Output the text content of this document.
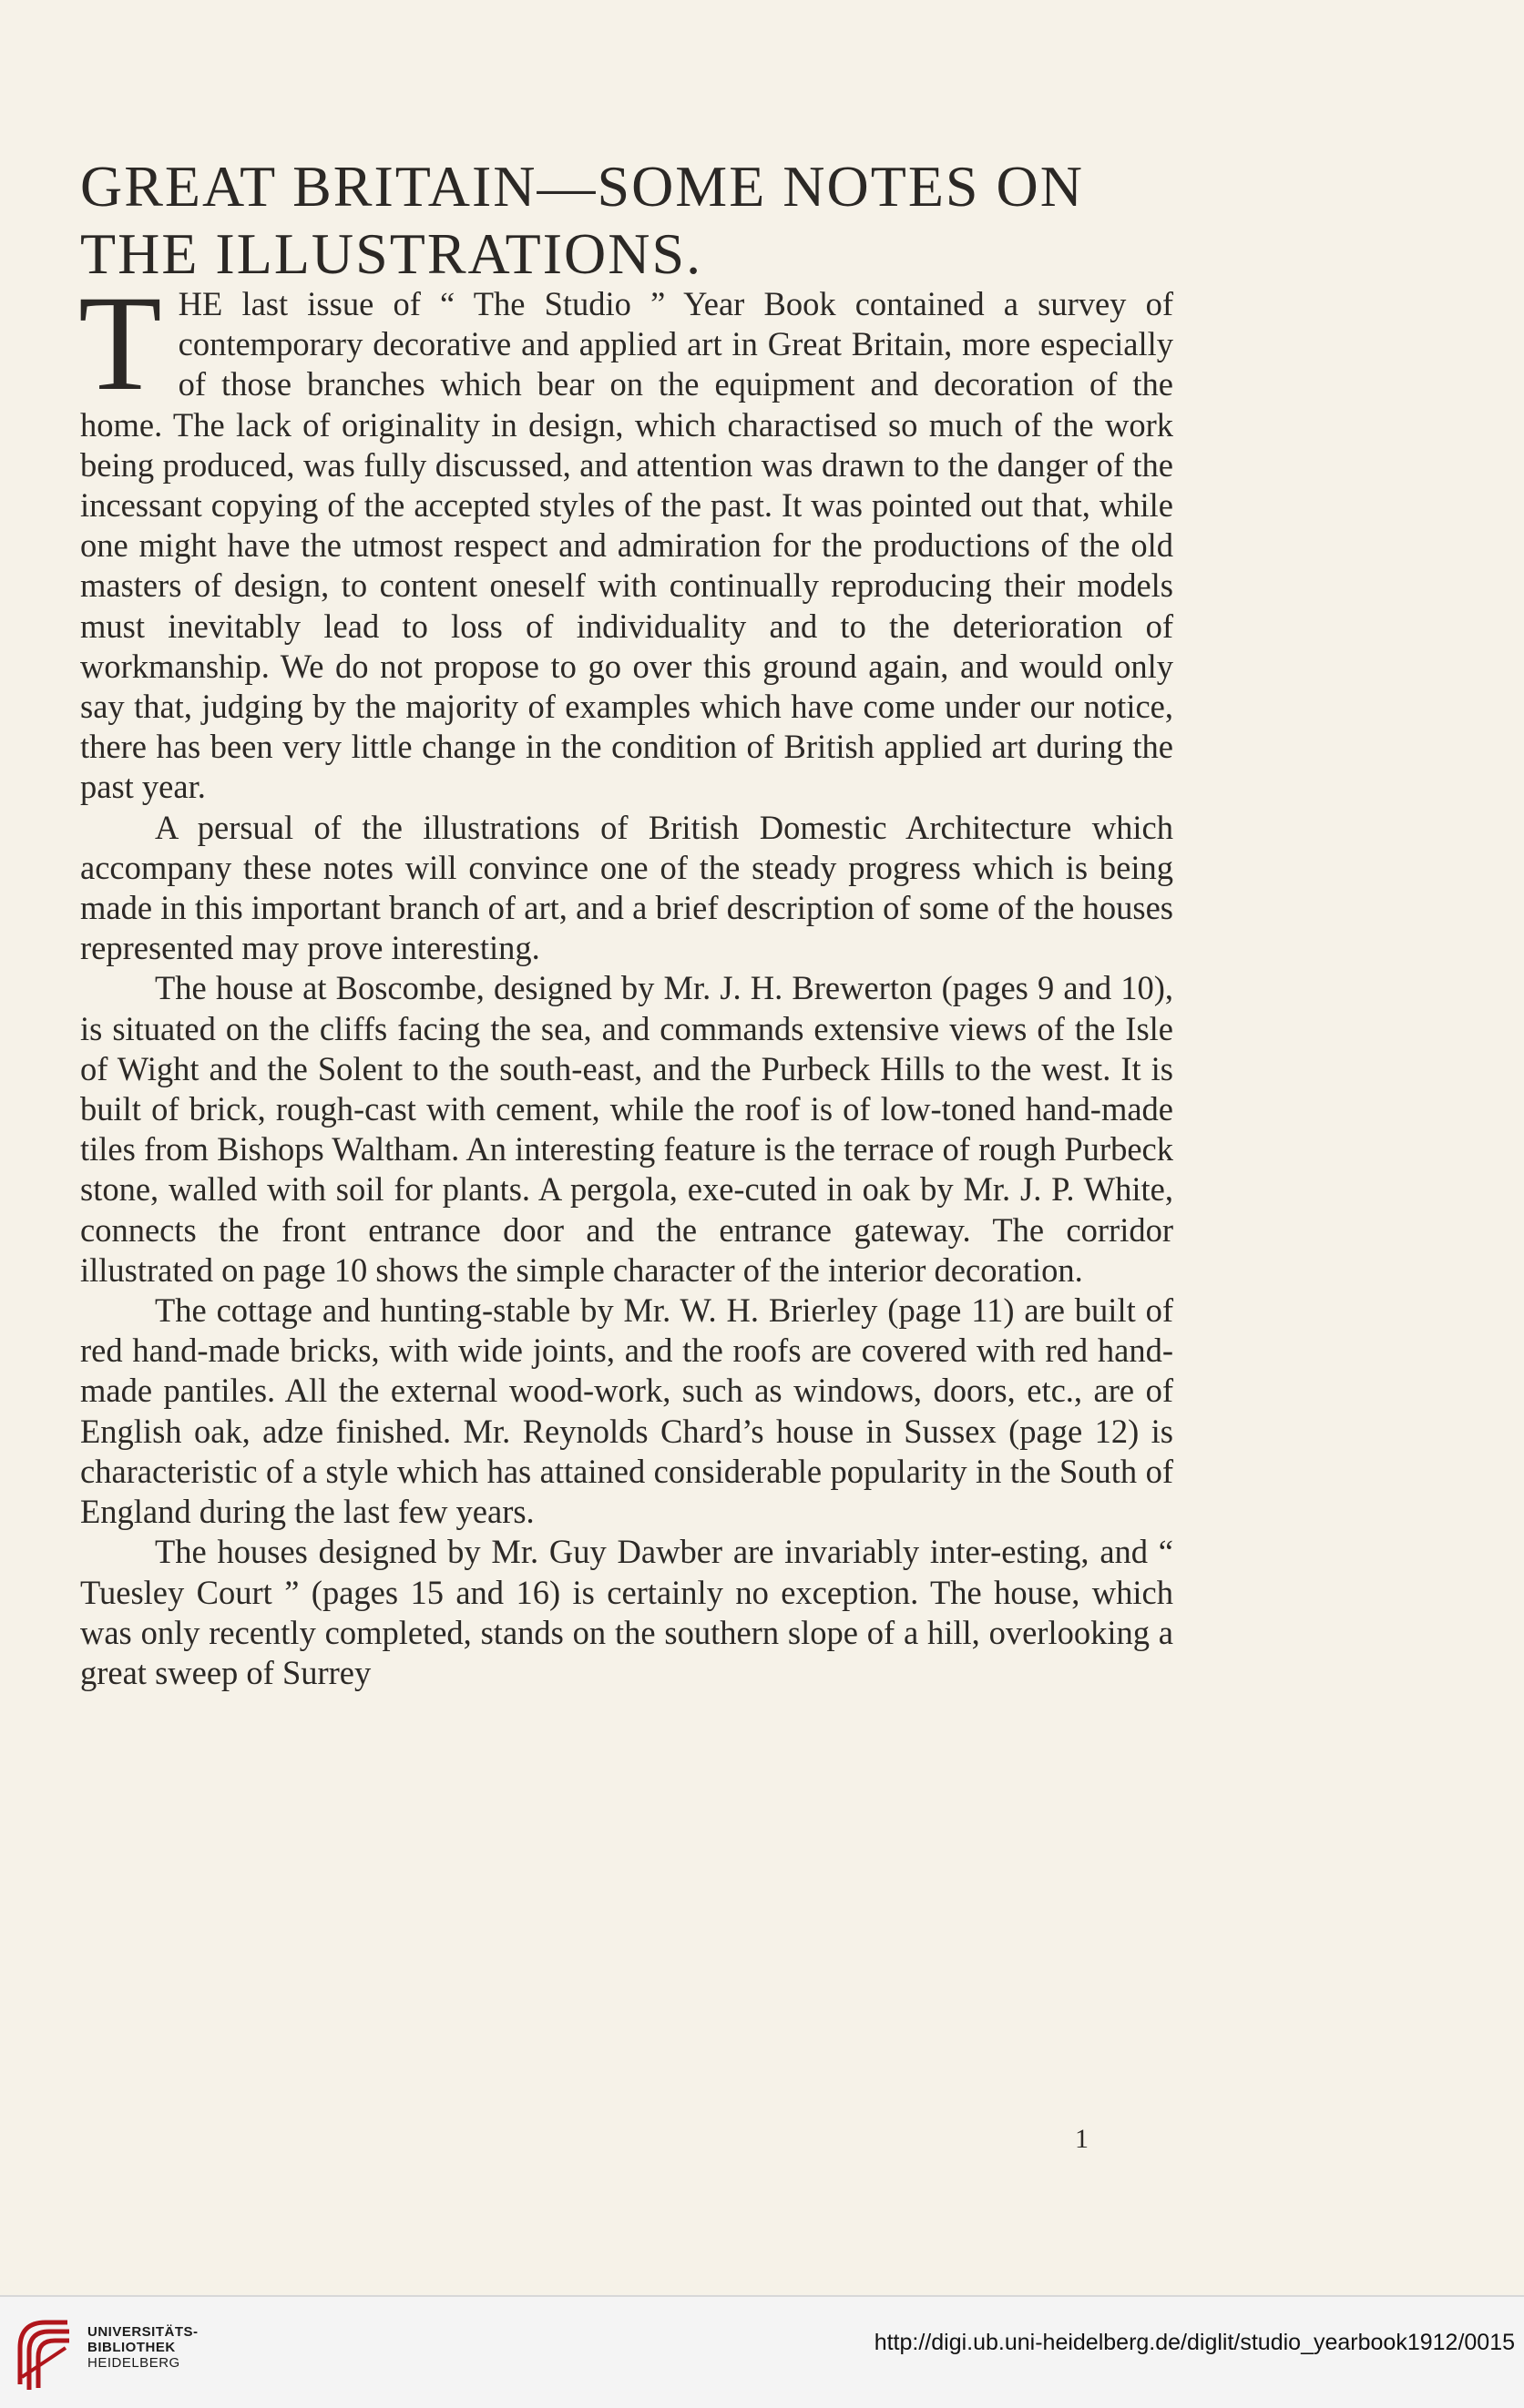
GREAT BRITAIN—SOME NOTES ON THE ILLUSTRATIONS.

THE last issue of “ The Studio ” Year Book contained a survey of contemporary decorative and applied art in Great Britain, more especially of those branches which bear on the equipment and decoration of the home. The lack of originality in design, which charactised so much of the work being produced, was fully discussed, and attention was drawn to the danger of the incessant copying of the accepted styles of the past. It was pointed out that, while one might have the utmost respect and admiration for the productions of the old masters of design, to content oneself with continually reproducing their models must inevitably lead to loss of individuality and to the deterioration of workmanship. We do not propose to go over this ground again, and would only say that, judging by the majority of examples which have come under our notice, there has been very little change in the condition of British applied art during the past year.

A persual of the illustrations of British Domestic Architecture which accompany these notes will convince one of the steady progress which is being made in this important branch of art, and a brief description of some of the houses represented may prove interesting.

The house at Boscombe, designed by Mr. J. H. Brewerton (pages 9 and 10), is situated on the cliffs facing the sea, and commands extensive views of the Isle of Wight and the Solent to the south-east, and the Purbeck Hills to the west. It is built of brick, rough-cast with cement, while the roof is of low-toned hand-made tiles from Bishops Waltham. An interesting feature is the terrace of rough Purbeck stone, walled with soil for plants. A pergola, exe-cuted in oak by Mr. J. P. White, connects the front entrance door and the entrance gateway. The corridor illustrated on page 10 shows the simple character of the interior decoration.

The cottage and hunting-stable by Mr. W. H. Brierley (page 11) are built of red hand-made bricks, with wide joints, and the roofs are covered with red hand-made pantiles. All the external wood-work, such as windows, doors, etc., are of English oak, adze finished. Mr. Reynolds Chard’s house in Sussex (page 12) is characteristic of a style which has attained considerable popularity in the South of England during the last few years.

The houses designed by Mr. Guy Dawber are invariably inter-esting, and “ Tuesley Court ” (pages 15 and 16) is certainly no exception. The house, which was only recently completed, stands on the southern slope of a hill, overlooking a great sweep of Surrey

1
UNIVERSITÄTS-
BIBLIOTHEK
HEIDELBERG
http://digi.ub.uni-heidelberg.de/diglit/studio_yearbook1912/0015
